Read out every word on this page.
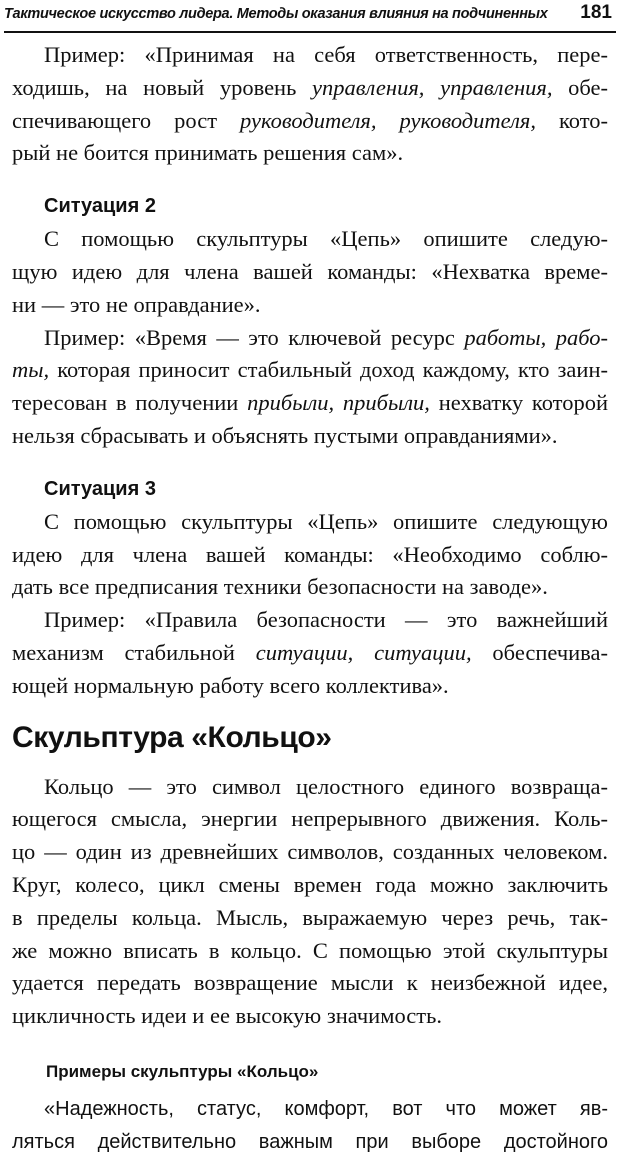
Тактическое искусство лидера. Методы оказания влияния на подчиненных 181
Пример: «Принимая на себя ответственность, пере-
ходишь, на новый уровень управления, управления, обе-
спечивающего рост руководителя, руководителя, кото-
рый не боится принимать решения сам».
Ситуация 2
С помощью скульптуры «Цепь» опишите следую-
щую идею для члена вашей команды: «Нехватка време-
ни — это не оправдание».
Пример: «Время — это ключевой ресурс работы, рабо-
ты, которая приносит стабильный доход каждому, кто заин-
тересован в получении прибыли, прибыли, нехватку которой
нельзя сбрасывать и объяснять пустыми оправданиями».
Ситуация 3
С помощью скульптуры «Цепь» опишите следующую
идею для члена вашей команды: «Необходимо соблю-
дать все предписания техники безопасности на заводе».
Пример: «Правила безопасности — это важнейший
механизм стабильной ситуации, ситуации, обеспечива-
ющей нормальную работу всего коллектива».
Скульптура «Кольцо»
Кольцо — это символ целостного единого возвраща-
ющегося смысла, энергии непрерывного движения. Коль-
цо — один из древнейших символов, созданных человеком.
Круг, колесо, цикл смены времен года можно заключить
в пределы кольца. Мысль, выражаемую через речь, так-
же можно вписать в кольцо. С помощью этой скульптуры
удается передать возвращение мысли к неизбежной идее,
цикличность идеи и ее высокую значимость.
Примеры скульптуры «Кольцо»
«Надежность, статус, комфорт, вот что может яв-
ляться действительно важным при выборе достойного
